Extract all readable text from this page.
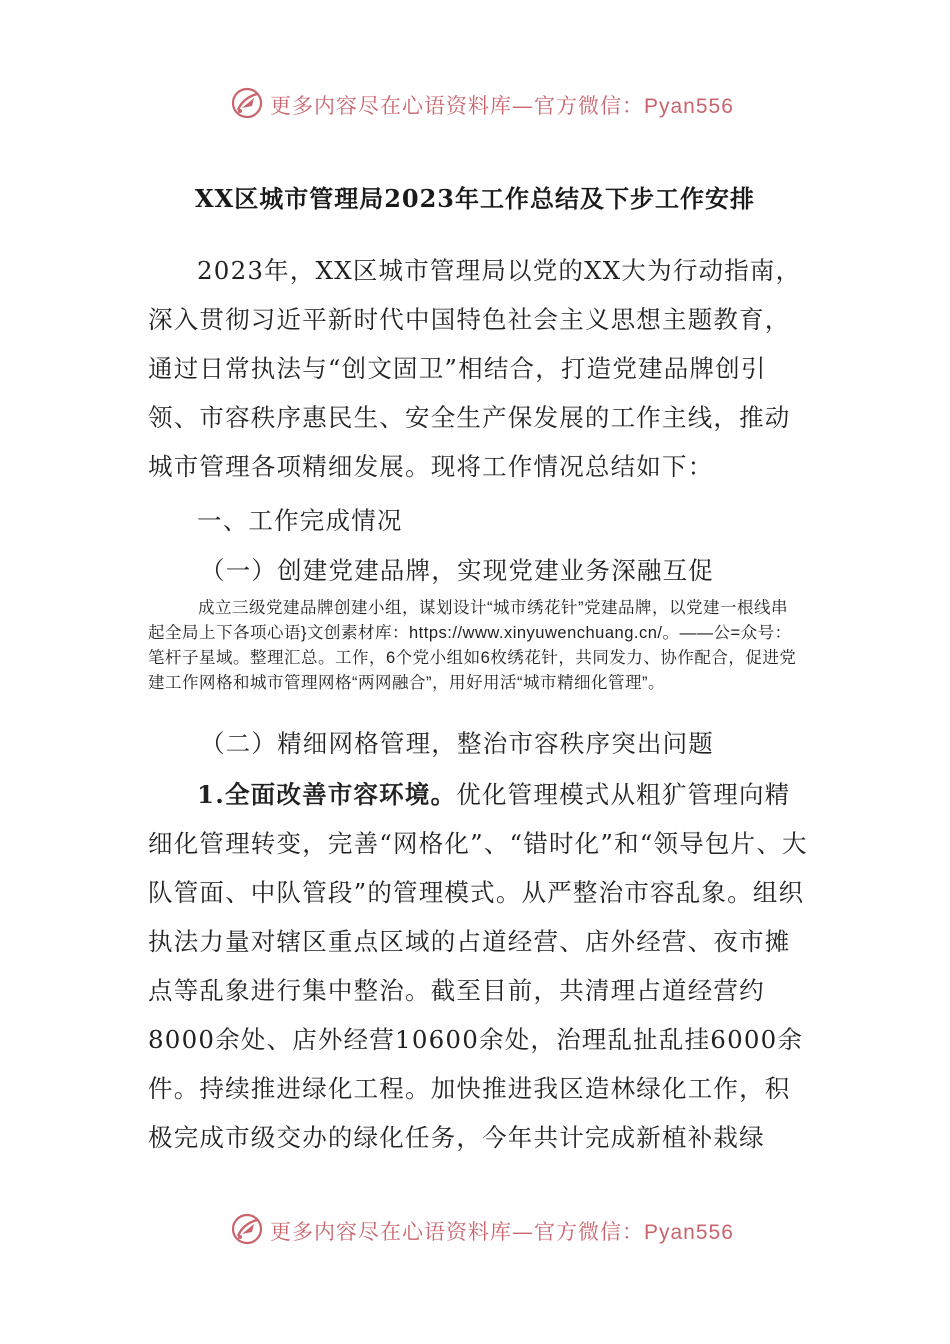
更多内容尽在心语资料库—官方微信：Pyan556
XX区城市管理局2023年工作总结及下步工作安排
2023年，XX区城市管理局以党的XX大为行动指南，深入贯彻习近平新时代中国特色社会主义思想主题教育，通过日常执法与“创文固卫”相结合，打造党建品牌创引领、市容秩序惠民生、安全生产保发展的工作主线，推动城市管理各项精细发展。现将工作情况总结如下：
一、工作完成情况
（一）创建党建品牌，实现党建业务深融互促
成立三级党建品牌创建小组，谋划设计“城市绣花针”党建品牌，以党建一根线串起全局上下各项心语}文创素材库：https://www.xinyuwenchuang.cn/。——公=众号：笔杆子星域。整理汇总。工作，6个党小组如6枚绣花针，共同发力、协作配合，促进党建工作网格和城市管理网格“两网融合”，用好用活“城市精细化管理”。
（二）精细网格管理，整治市容秩序突出问题
1.全面改善市容环境。优化管理模式从粗犷管理向精细化管理转变，完善“网格化”、“错时化”和“领导包片、大队管面、中队管段”的管理模式。从严整治市容乱象。组织执法力量对辖区重点区域的占道经营、店外经营、夜市摊点等乱象进行集中整治。截至目前，共清理占道经营约8000余处、店外经营10600余处，治理乱扯乱挂6000余件。持续推进绿化工程。加快推进我区造林绿化工作，积极完成市级交办的绿化任务，今年共计完成新植补栽绿
更多内容尽在心语资料库—官方微信：Pyan556
